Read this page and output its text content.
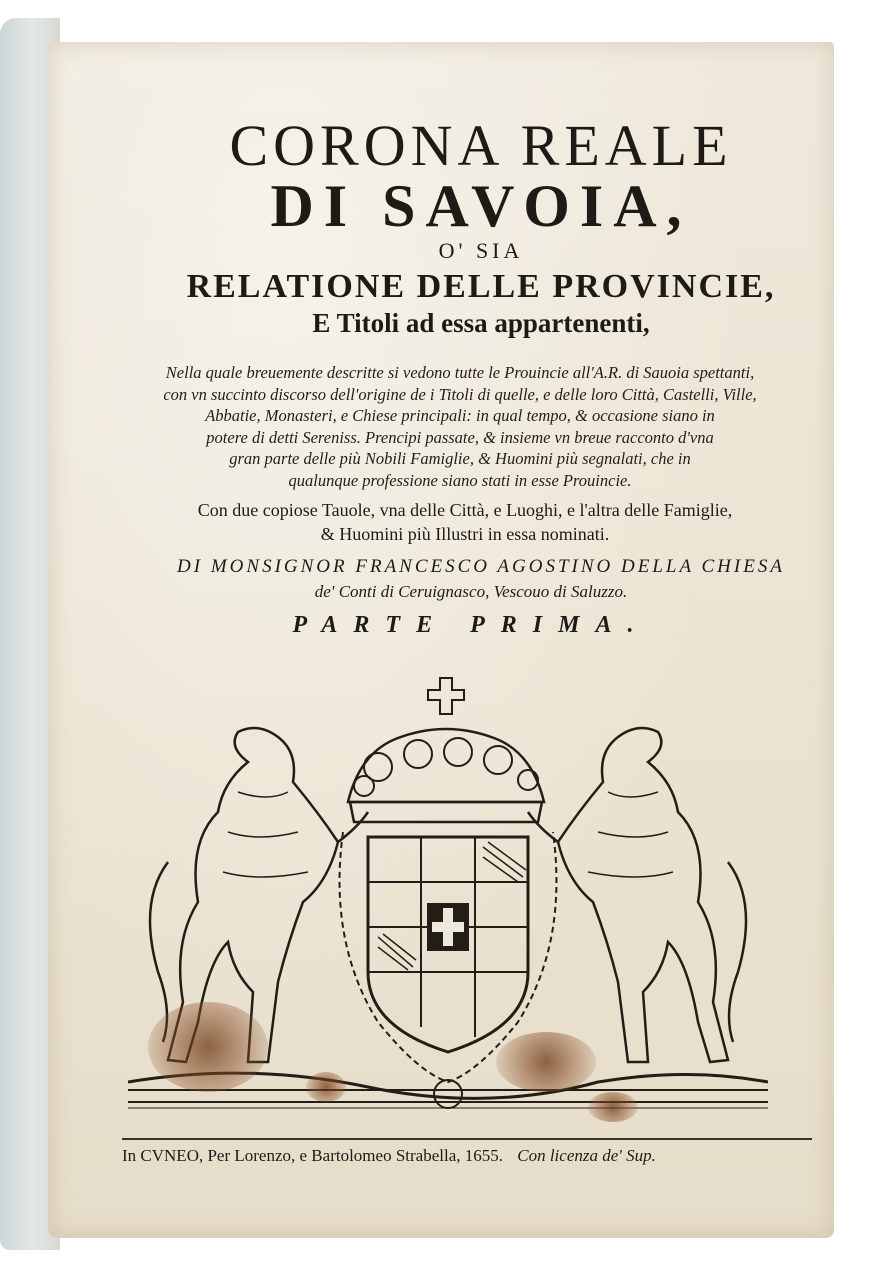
CORONA REALE
DI SAVOIA,

O' SIA

RELATIONE DELLE PROVINCIE,
E Titoli ad essa appartenenti,

Nella quale breuemente descritte si vedono tutte le Prouincie all'A.R. di Sauoia spettanti,
con vn succinto discorso dell'origine de i Titoli di quelle, e delle loro Città, Castelli, Ville,
Abbatie, Monasteri, e Chiese principali: in qual tempo, & occasione siano in
potere di detti Sereniss. Prencipi passate, & insieme vn breue racconto d'vna
gran parte delle più Nobili Famiglie, & Huomini più segnalati, che in
qualunque professione siano stati in esse Prouincie.

Con due copiose Tauole, vna delle Città, e Luoghi, e l'altra delle Famiglie,
& Huomini più Illustri in essa nominati.

DI MONSIGNOR FRANCESCO AGOSTINO DELLA CHIESA

de' Conti di Ceruignasco, Vescouo di Saluzzo.

PARTE PRIMA.

In CVNEO, Per Lorenzo, e Bartolomeo Strabella, 1655. Con licenza de' Sup.
